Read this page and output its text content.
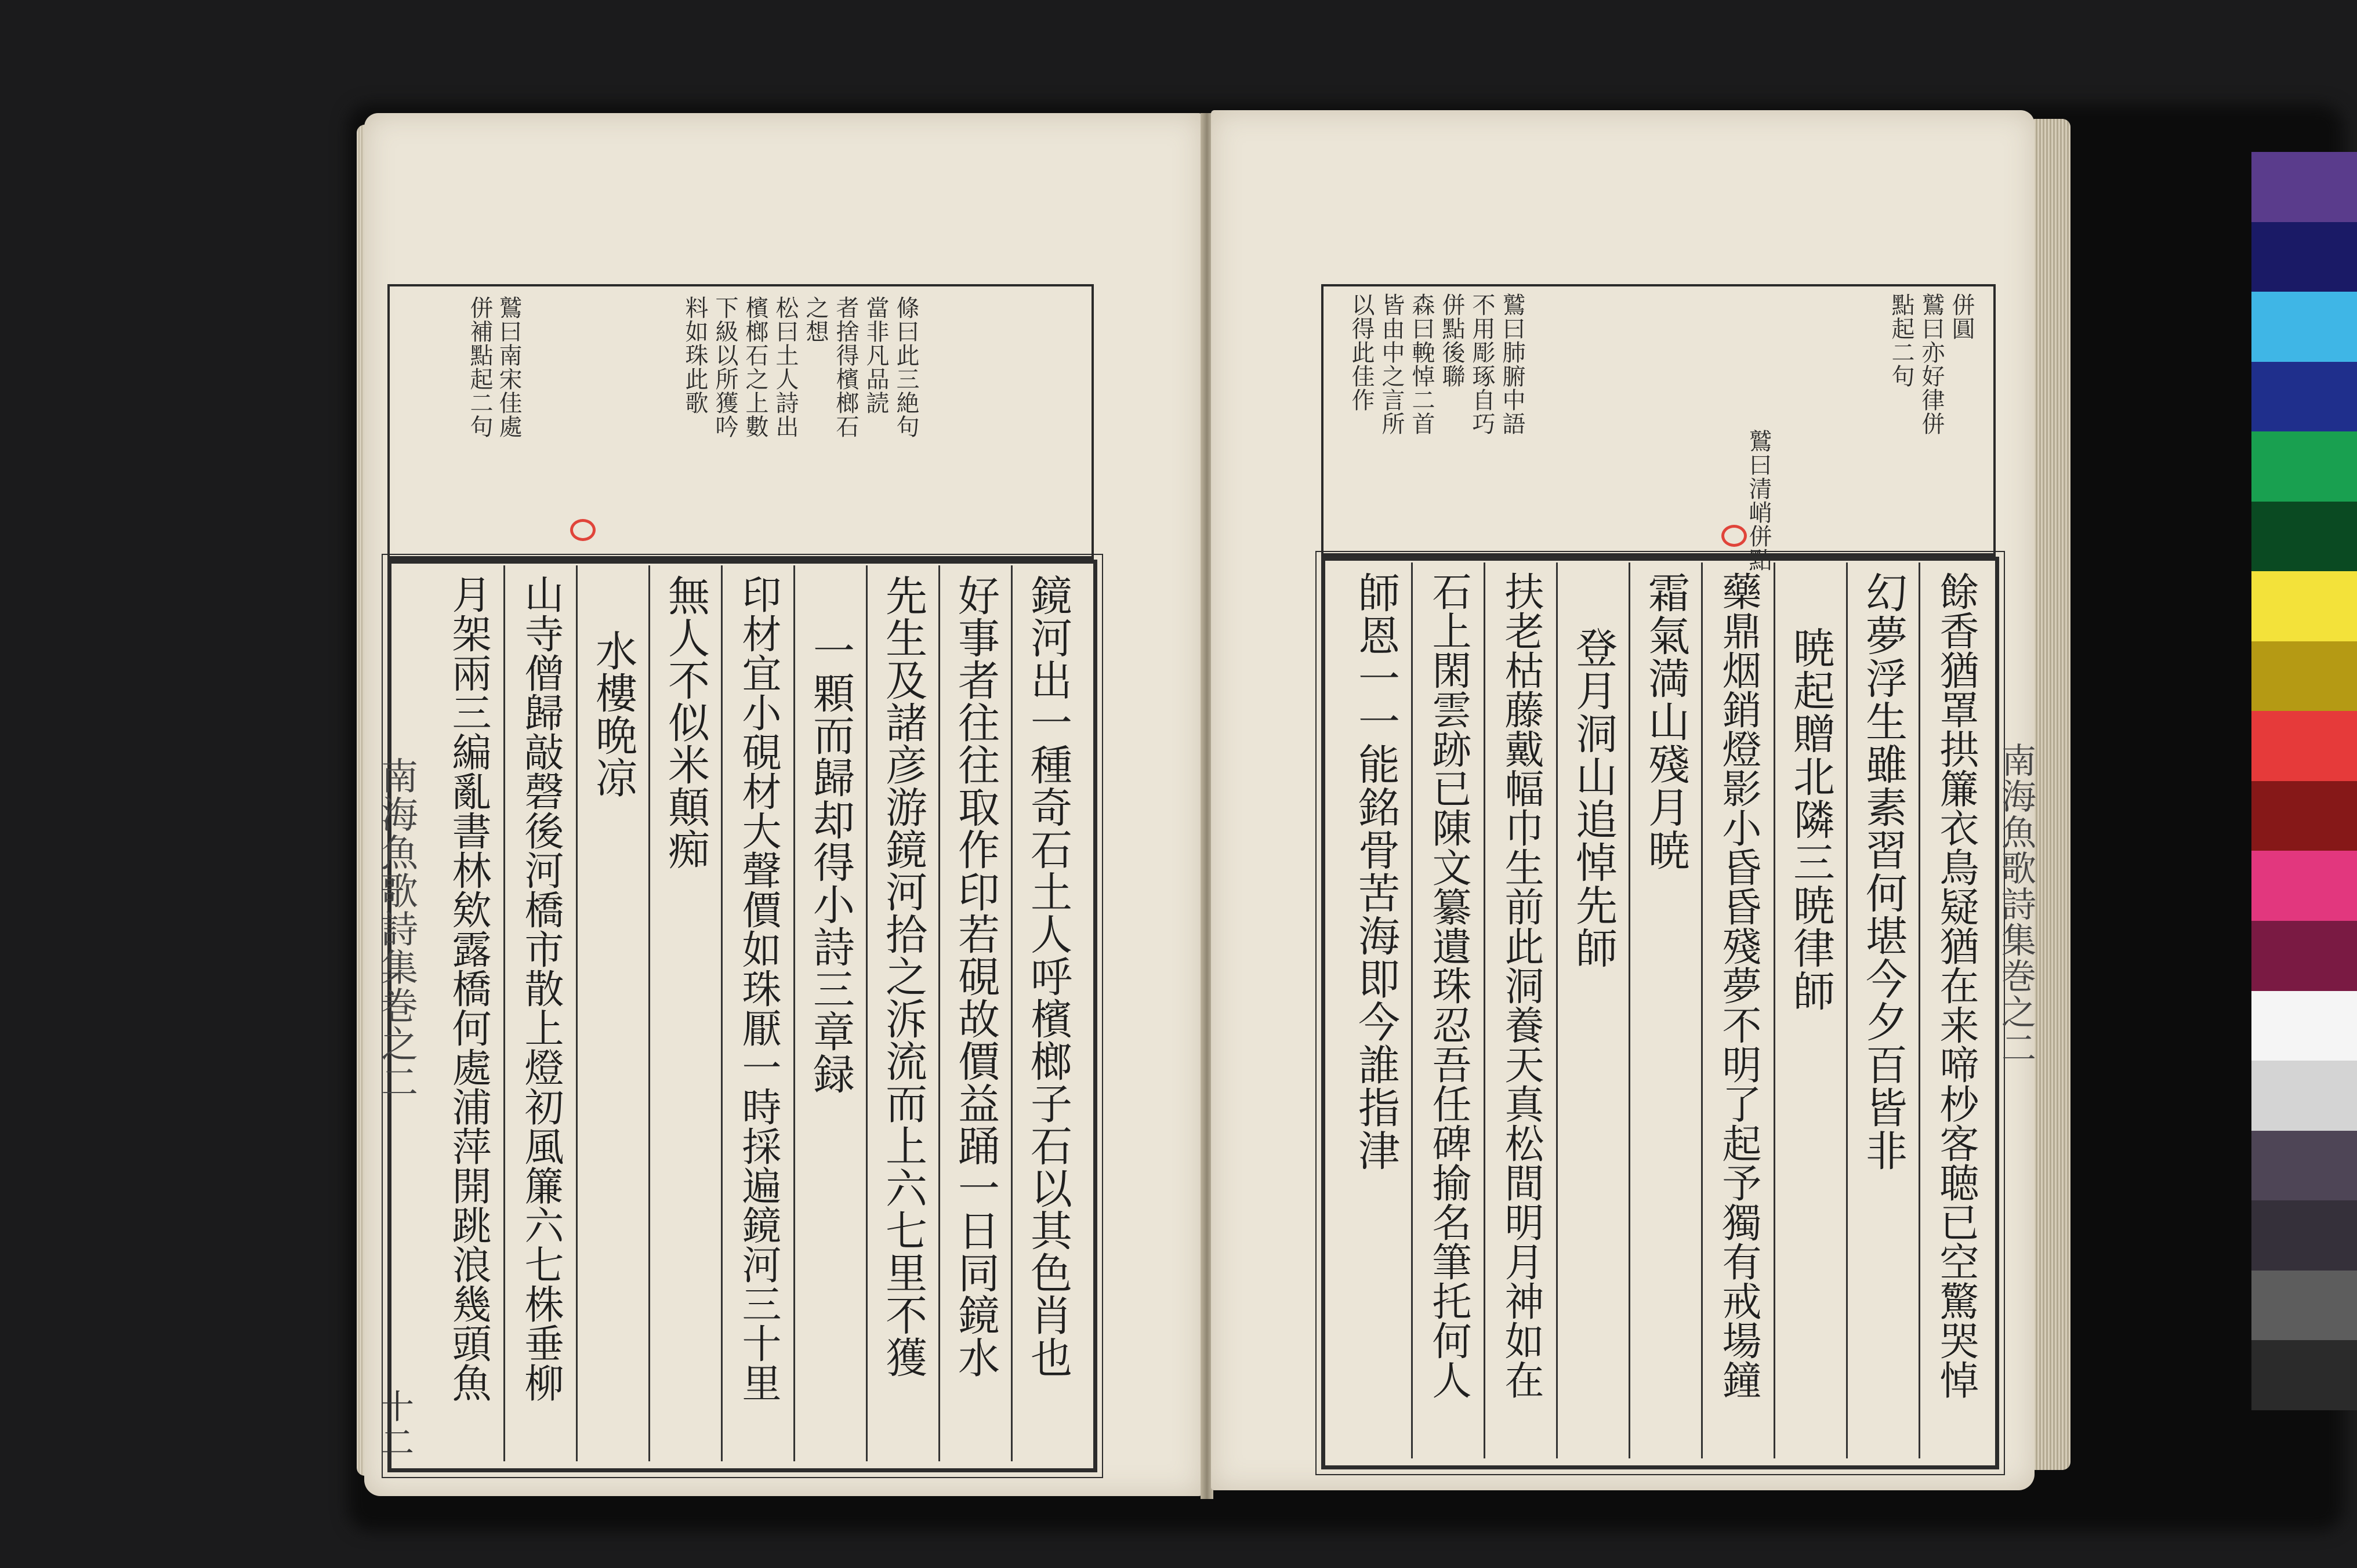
鷲曰南宋佳處
併補點起二句	條曰此三絶句
當非凡品読
者捨得檳榔石
之想
松曰土人詩出
檳榔石之上數
下級以所獲吟
料如珠此歌
鏡河出一種奇石土人呼檳榔子石以其色肖也
好事者往往取作印若硯故價益踊一日同鏡水
先生及諸彦游鏡河拾之泝流而上六七里不獲
一顆而歸却得小詩三章録
印材宜小硯材大聲價如珠厭一時採遍鏡河三十里
無人不似米顛痴
水樓晩凉
山寺僧歸敲磬後河橋市散上燈初風簾六七株垂柳
月架兩三編亂書林欸露橋何處浦萍開跳浪幾頭魚
南海魚歌詩集巻之二
十二
併圓
鷲曰亦好律併
點起二句
鷲曰清峭併點
鷲曰肺腑中語
不用彫琢自巧
併點後聯
森曰輓悼二首
皆由中之言所
以得此佳作
餘香猶罩拱簾衣鳥疑猶在来啼杪客聴已空驚哭悼
幻夢浮生雖素習何堪今夕百皆非
暁起贈北隣三暁律師
藥鼎烟銷燈影小昏昏殘夢不明了起予獨有戒場鐘
霜氣満山殘月暁
登月洞山追悼先師
扶老枯藤戴幅巾生前此洞養天真松間明月神如在
石上閑雲跡已陳文纂遺珠忍吾任碑揄名筆托何人
師恩一一能銘骨苦海即今誰指津	南海魚歌詩集巻之二
